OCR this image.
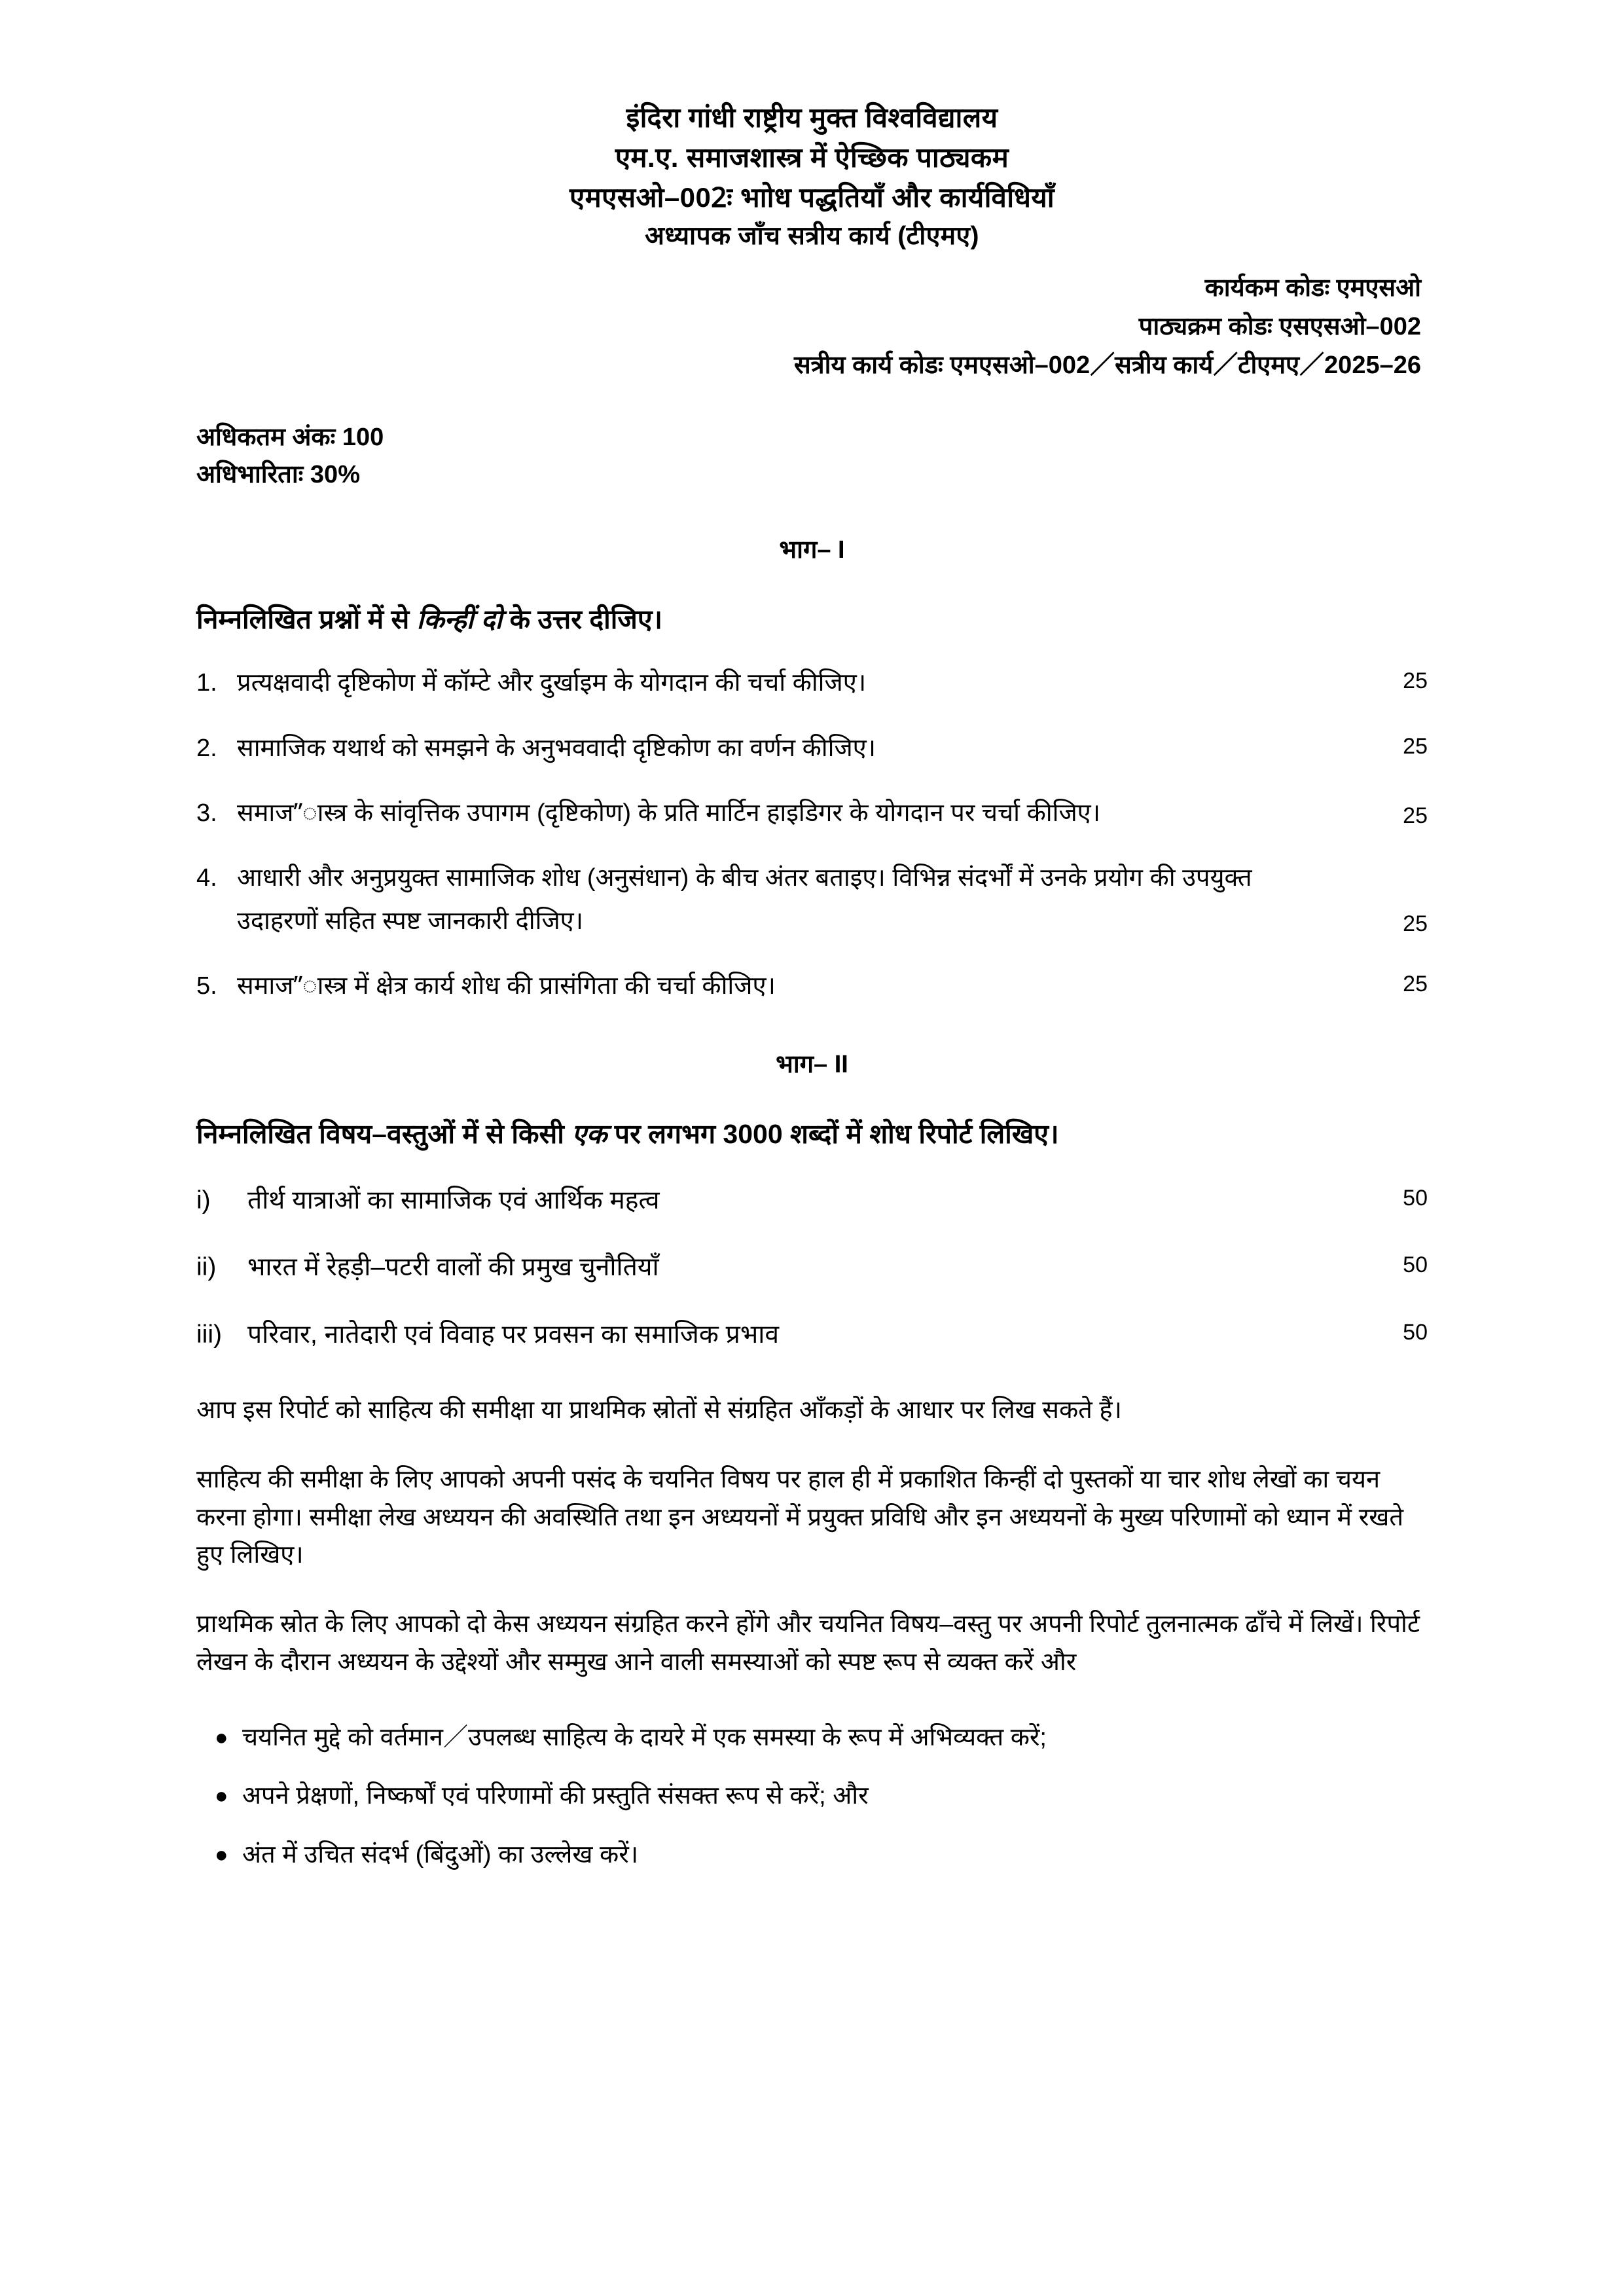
इंदिरा गांधी राष्ट्रीय मुक्त विश्वविद्यालय
एम.ए. समाजशास्त्र में ऐच्छिक पाठ्यकम
एमएसओ–002ः भाोध पद्धतियाँ और कार्यविधियाँ
अध्यापक जाँच सत्रीय कार्य (टीएमए)
कार्यकम कोडः एमएसओ
पाठ्यक्रम कोडः एसएसओ–002
सत्रीय कार्य कोडः एमएसओ–002／सत्रीय कार्य／टीएमए／2025–26
अधिकतम अंकः 100
अधिभारिताः 30%
भाग– I
निम्नलिखित प्रश्नों में से किन्हीं दो के उत्तर दीजिए।
1. प्रत्यक्षवादी दृष्टिकोण में कॉम्टे और दुर्खाइम के योगदान की चर्चा कीजिए।	25
2. सामाजिक यथार्थ को समझने के अनुभववादी दृष्टिकोण का वर्णन कीजिए।	25
3. समाज”ास्त्र के सांवृत्तिक उपागम (दृष्टिकोण) के प्रति मार्टिन हाइडिगर के योगदान पर चर्चा कीजिए।	25
4. आधारी और अनुप्रयुक्त सामाजिक शोध (अनुसंधान) के बीच अंतर बताइए। विभिन्न संदर्भों में उनके प्रयोग की उपयुक्त उदाहरणों सहित स्पष्ट जानकारी दीजिए।	25
5. समाज”ास्त्र में क्षेत्र कार्य शोध की प्रासंगिता की चर्चा कीजिए।	25
भाग– II
निम्नलिखित विषय–वस्तुओं में से किसी एक पर लगभग 3000 शब्दों में शोध रिपोर्ट लिखिए।
i)	तीर्थ यात्राओं का सामाजिक एवं आर्थिक महत्व	50
ii)	भारत में रेहड़ी–पटरी वालों की प्रमुख चुनौतियाँ	50
iii)	परिवार, नातेदारी एवं विवाह पर प्रवसन का समाजिक प्रभाव	50
आप इस रिपोर्ट को साहित्य की समीक्षा या प्राथमिक स्रोतों से संग्रहित आँकड़ों के आधार पर लिख सकते हैं।
साहित्य की समीक्षा के लिए आपको अपनी पसंद के चयनित विषय पर हाल ही में प्रकाशित किन्हीं दो पुस्तकों या चार शोध लेखों का चयन करना होगा। समीक्षा लेख अध्ययन की अवस्थिति तथा इन अध्ययनों में प्रयुक्त प्रविधि और इन अध्ययनों के मुख्य परिणामों को ध्यान में रखते हुए लिखिए।
प्राथमिक स्रोत के लिए आपको दो केस अध्ययन संग्रहित करने होंगे और चयनित विषय–वस्तु पर अपनी रिपोर्ट तुलनात्मक ढाँचे में लिखें। रिपोर्ट लेखन के दौरान अध्ययन के उद्देश्यों और सम्मुख आने वाली समस्याओं को स्पष्ट रूप से व्यक्त करें और
● चयनित मुद्दे को वर्तमान／उपलब्ध साहित्य के दायरे में एक समस्या के रूप में अभिव्यक्त करें;
● अपने प्रेक्षणों, निष्कर्षों एवं परिणामों की प्रस्तुति संसक्त रूप से करें; और
● अंत में उचित संदर्भ (बिंदुओं) का उल्लेख करें।
